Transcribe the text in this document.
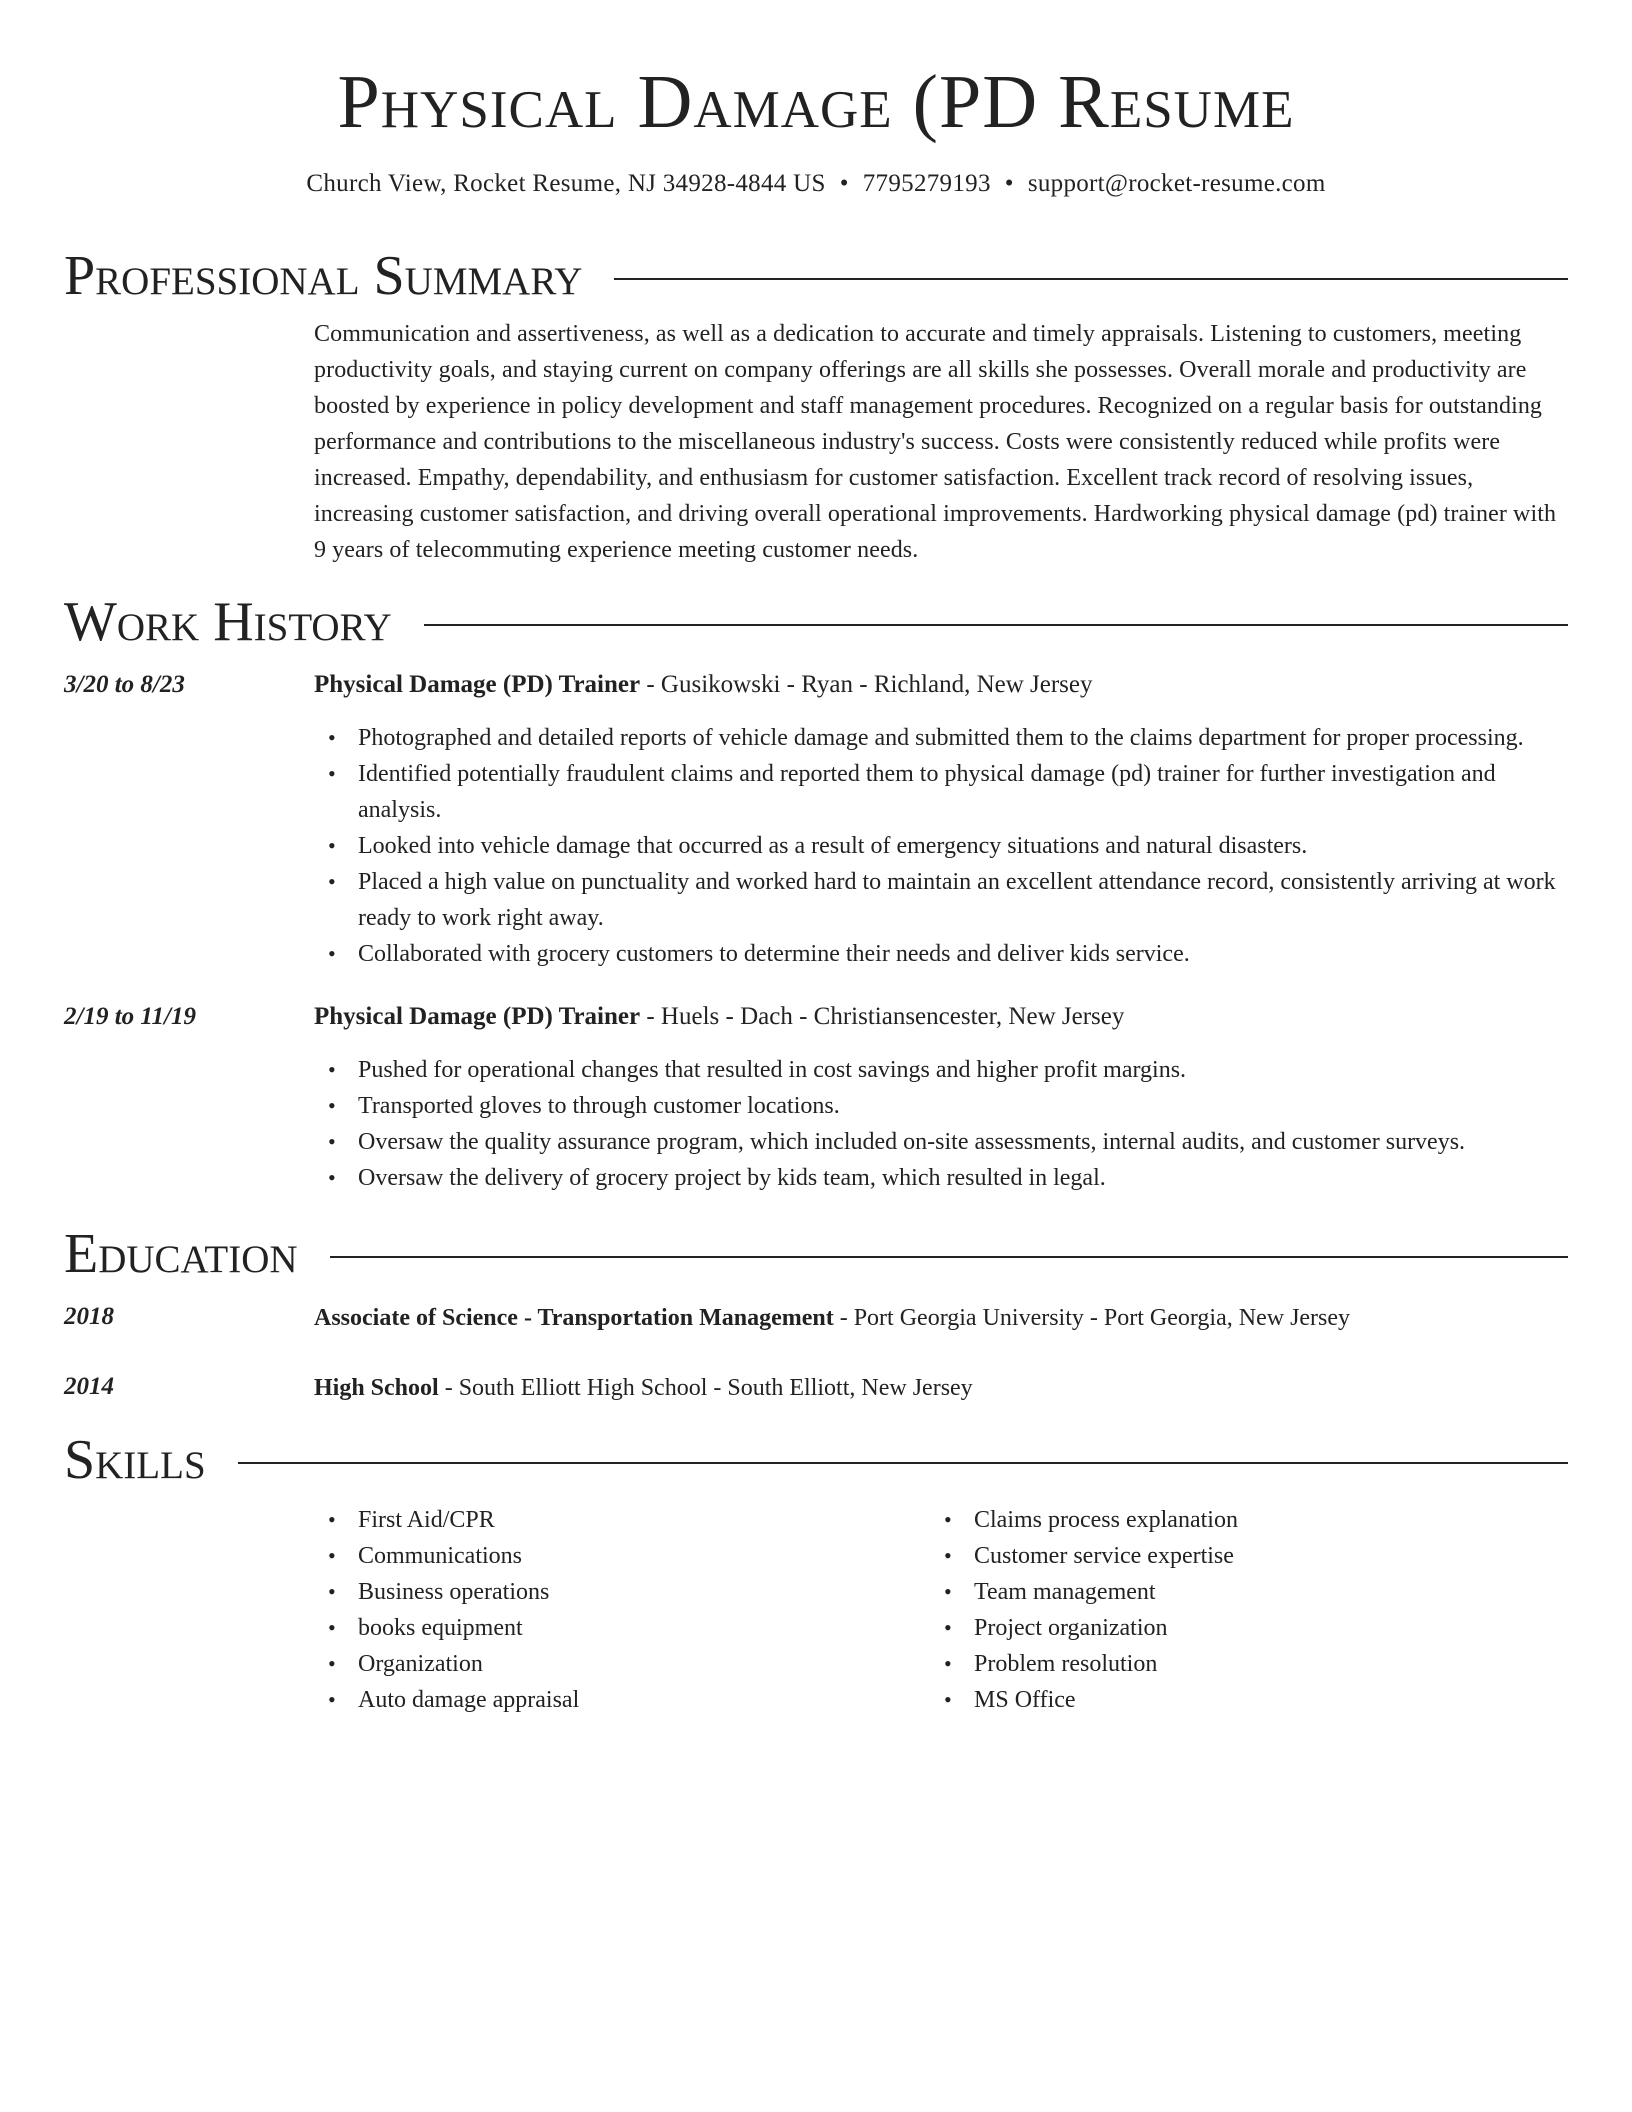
Physical Damage (PD Resume
Church View, Rocket Resume, NJ 34928-4844 US • 7795279193 • support@rocket-resume.com
Professional Summary
Communication and assertiveness, as well as a dedication to accurate and timely appraisals. Listening to customers, meeting productivity goals, and staying current on company offerings are all skills she possesses. Overall morale and productivity are boosted by experience in policy development and staff management procedures. Recognized on a regular basis for outstanding performance and contributions to the miscellaneous industry's success. Costs were consistently reduced while profits were increased. Empathy, dependability, and enthusiasm for customer satisfaction. Excellent track record of resolving issues, increasing customer satisfaction, and driving overall operational improvements. Hardworking physical damage (pd) trainer with 9 years of telecommuting experience meeting customer needs.
Work History
3/20 to 8/23	Physical Damage (PD) Trainer - Gusikowski - Ryan - Richland, New Jersey
• Photographed and detailed reports of vehicle damage and submitted them to the claims department for proper processing.
• Identified potentially fraudulent claims and reported them to physical damage (pd) trainer for further investigation and analysis.
• Looked into vehicle damage that occurred as a result of emergency situations and natural disasters.
• Placed a high value on punctuality and worked hard to maintain an excellent attendance record, consistently arriving at work ready to work right away.
• Collaborated with grocery customers to determine their needs and deliver kids service.
2/19 to 11/19	Physical Damage (PD) Trainer - Huels - Dach - Christiansencester, New Jersey
• Pushed for operational changes that resulted in cost savings and higher profit margins.
• Transported gloves to through customer locations.
• Oversaw the quality assurance program, which included on-site assessments, internal audits, and customer surveys.
• Oversaw the delivery of grocery project by kids team, which resulted in legal.
Education
2018	Associate of Science - Transportation Management - Port Georgia University - Port Georgia, New Jersey
2014	High School - South Elliott High School - South Elliott, New Jersey
Skills
• First Aid/CPR
• Communications
• Business operations
• books equipment
• Organization
• Auto damage appraisal
• Claims process explanation
• Customer service expertise
• Team management
• Project organization
• Problem resolution
• MS Office
